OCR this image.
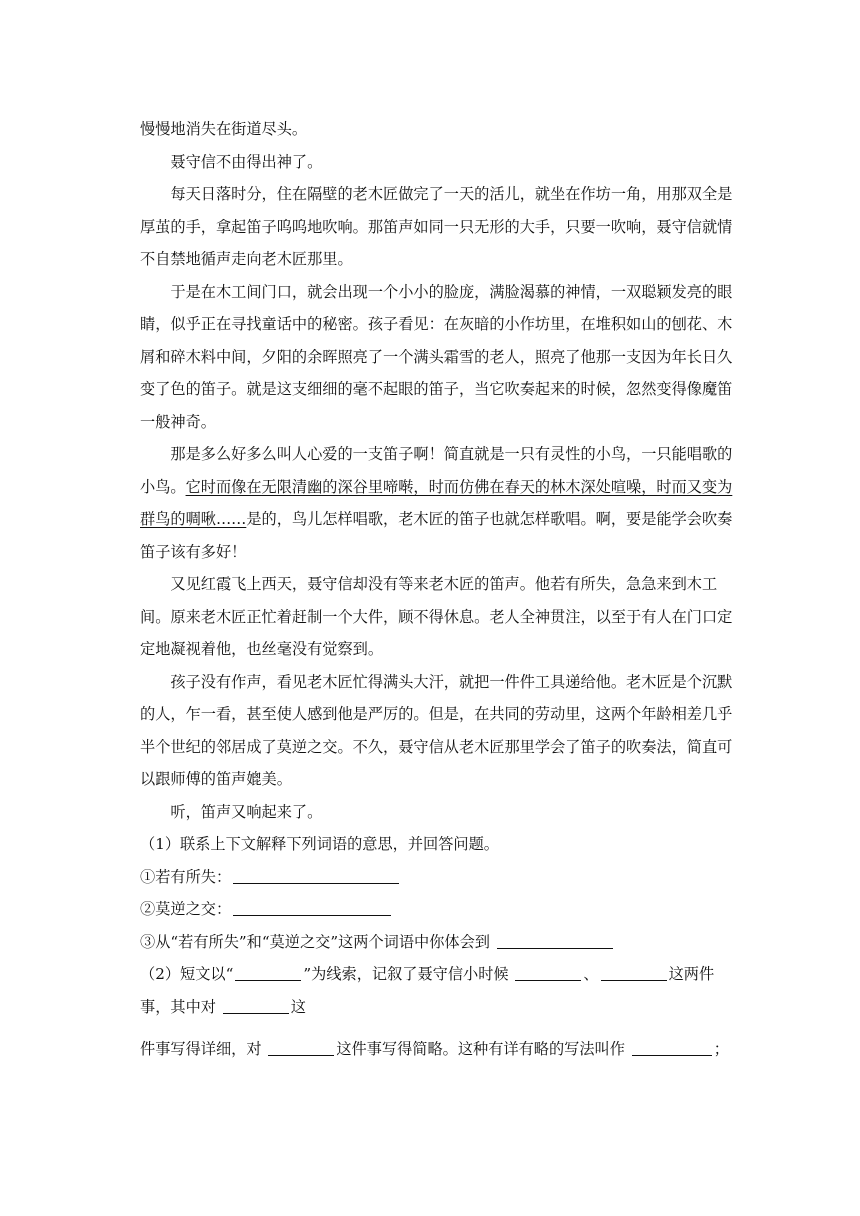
慢慢地消失在街道尽头。

聂守信不由得出神了。

每天日落时分，住在隔壁的老木匠做完了一天的活儿，就坐在作坊一角，用那双全是厚茧的手，拿起笛子呜呜地吹响。那笛声如同一只无形的大手，只要一吹响，聂守信就情不自禁地循声走向老木匠那里。

于是在木工间门口，就会出现一个小小的脸庞，满脸渴慕的神情，一双聪颖发亮的眼睛，似乎正在寻找童话中的秘密。孩子看见：在灰暗的小作坊里，在堆积如山的刨花、木屑和碎木料中间，夕阳的余晖照亮了一个满头霜雪的老人，照亮了他那一支因为年长日久变了色的笛子。就是这支细细的毫不起眼的笛子，当它吹奏起来的时候，忽然变得像魔笛一般神奇。

那是多么好多么叫人心爱的一支笛子啊！简直就是一只有灵性的小鸟，一只能唱歌的小鸟。它时而像在无限清幽的深谷里啼啭，时而仿佛在春天的林木深处喧噪，时而又变为群鸟的啁啾……是的，鸟儿怎样唱歌，老木匠的笛子也就怎样歌唱。啊，要是能学会吹奏笛子该有多好！

又见红霞飞上西天，聂守信却没有等来老木匠的笛声。他若有所失，急急来到木工间。原来老木匠正忙着赶制一个大件，顾不得休息。老人全神贯注，以至于有人在门口定定地凝视着他，也丝毫没有觉察到。

孩子没有作声，看见老木匠忙得满头大汗，就把一件件工具递给他。老木匠是个沉默的人，乍一看，甚至使人感到他是严厉的。但是，在共同的劳动里，这两个年龄相差几乎半个世纪的邻居成了莫逆之交。不久，聂守信从老木匠那里学会了笛子的吹奏法，简直可以跟师傅的笛声媲美。

听，笛声又响起来了。

（1）联系上下文解释下列词语的意思，并回答问题。

①若有所失：

②莫逆之交：

③从“若有所失”和“莫逆之交”这两个词语中你体会到

（2）短文以“	”为线索，记叙了聂守信小时候	、	这两件事，其中对	这

件事写得详细，对	这件事写得简略。这种有详有略的写法叫作	；
